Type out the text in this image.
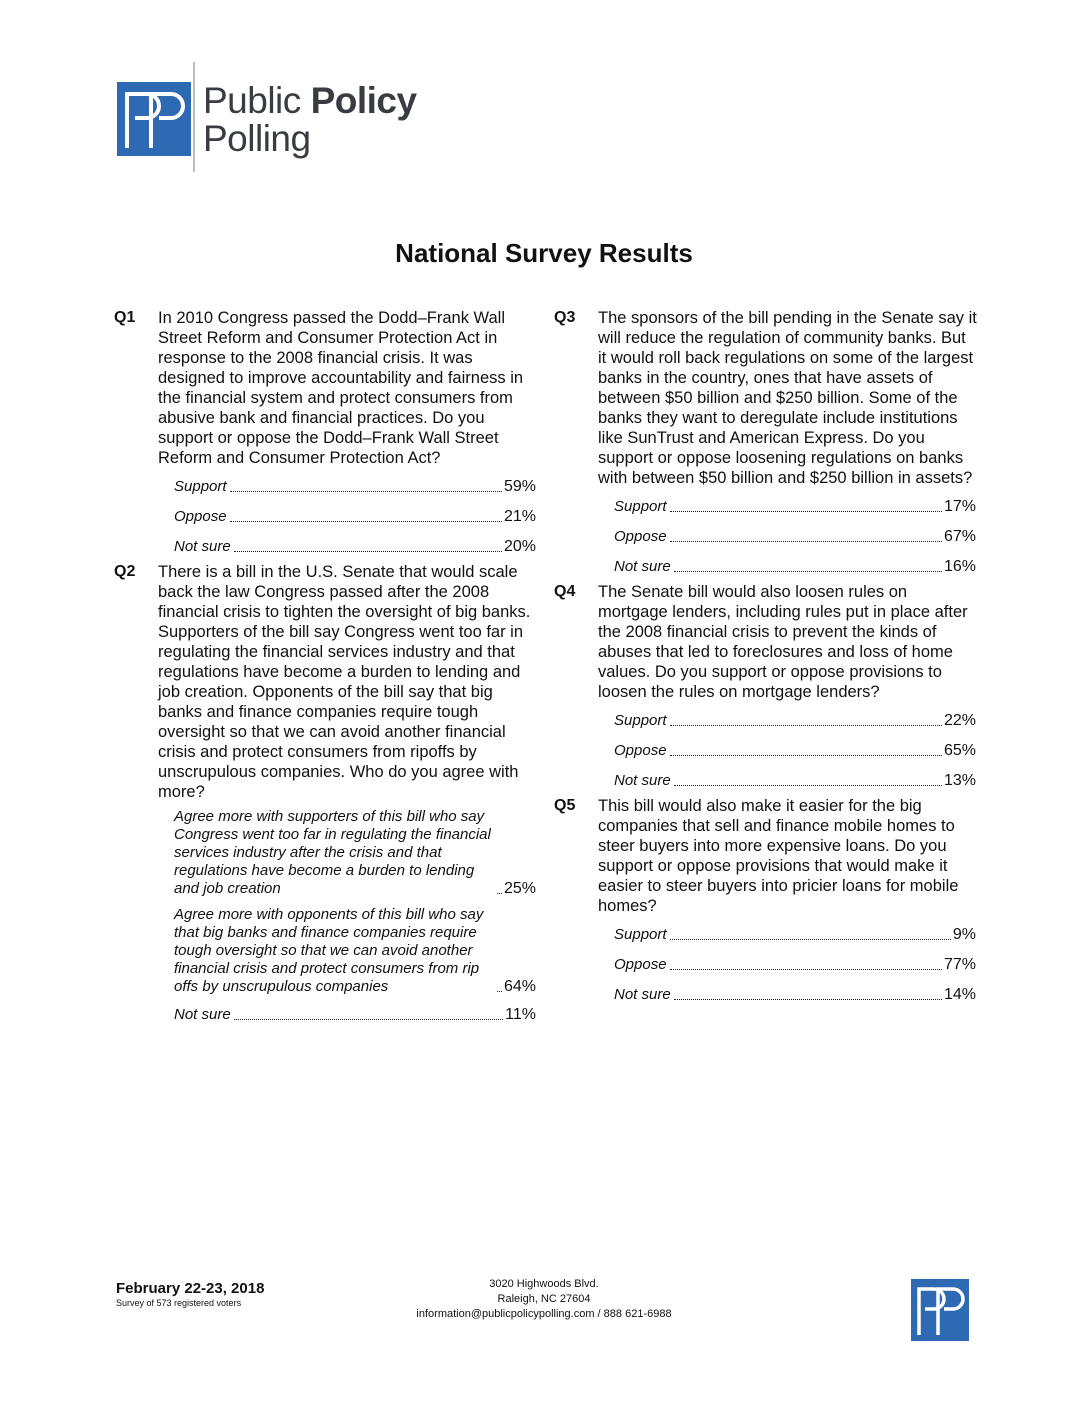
Public Policy
Polling
National Survey Results
Q1	In 2010 Congress passed the Dodd–Frank Wall Street Reform and Consumer Protection Act in response to the 2008 financial crisis. It was designed to improve accountability and fairness in the financial system and protect consumers from abusive bank and financial practices. Do you support or oppose the Dodd–Frank Wall Street Reform and Consumer Protection Act?
Support	59%
Oppose	21%
Not sure	20%
Q2	There is a bill in the U.S. Senate that would scale back the law Congress passed after the 2008 financial crisis to tighten the oversight of big banks. Supporters of the bill say Congress went too far in regulating the financial services industry and that regulations have become a burden to lending and job creation. Opponents of the bill say that big banks and finance companies require tough oversight so that we can avoid another financial crisis and protect consumers from ripoffs by unscrupulous companies. Who do you agree with more?
Agree more with supporters of this bill who say Congress went too far in regulating the financial services industry after the crisis and that regulations have become a burden to lending and job creation	25%
Agree more with opponents of this bill who say that big banks and finance companies require tough oversight so that we can avoid another financial crisis and protect consumers from rip offs by unscrupulous companies	64%
Not sure	11%
Q3	The sponsors of the bill pending in the Senate say it will reduce the regulation of community banks. But it would roll back regulations on some of the largest banks in the country, ones that have assets of between $50 billion and $250 billion. Some of the banks they want to deregulate include institutions like SunTrust and American Express. Do you support or oppose loosening regulations on banks with between $50 billion and $250 billion in assets?
Support	17%
Oppose	67%
Not sure	16%
Q4	The Senate bill would also loosen rules on mortgage lenders, including rules put in place after the 2008 financial crisis to prevent the kinds of abuses that led to foreclosures and loss of home values. Do you support or oppose provisions to loosen the rules on mortgage lenders?
Support	22%
Oppose	65%
Not sure	13%
Q5	This bill would also make it easier for the big companies that sell and finance mobile homes to steer buyers into more expensive loans. Do you support or oppose provisions that would make it easier to steer buyers into pricier loans for mobile homes?
Support	9%
Oppose	77%
Not sure	14%
February 22-23, 2018
Survey of 573 registered voters
3020 Highwoods Blvd.
Raleigh, NC 27604
information@publicpolicypolling.com / 888 621-6988
